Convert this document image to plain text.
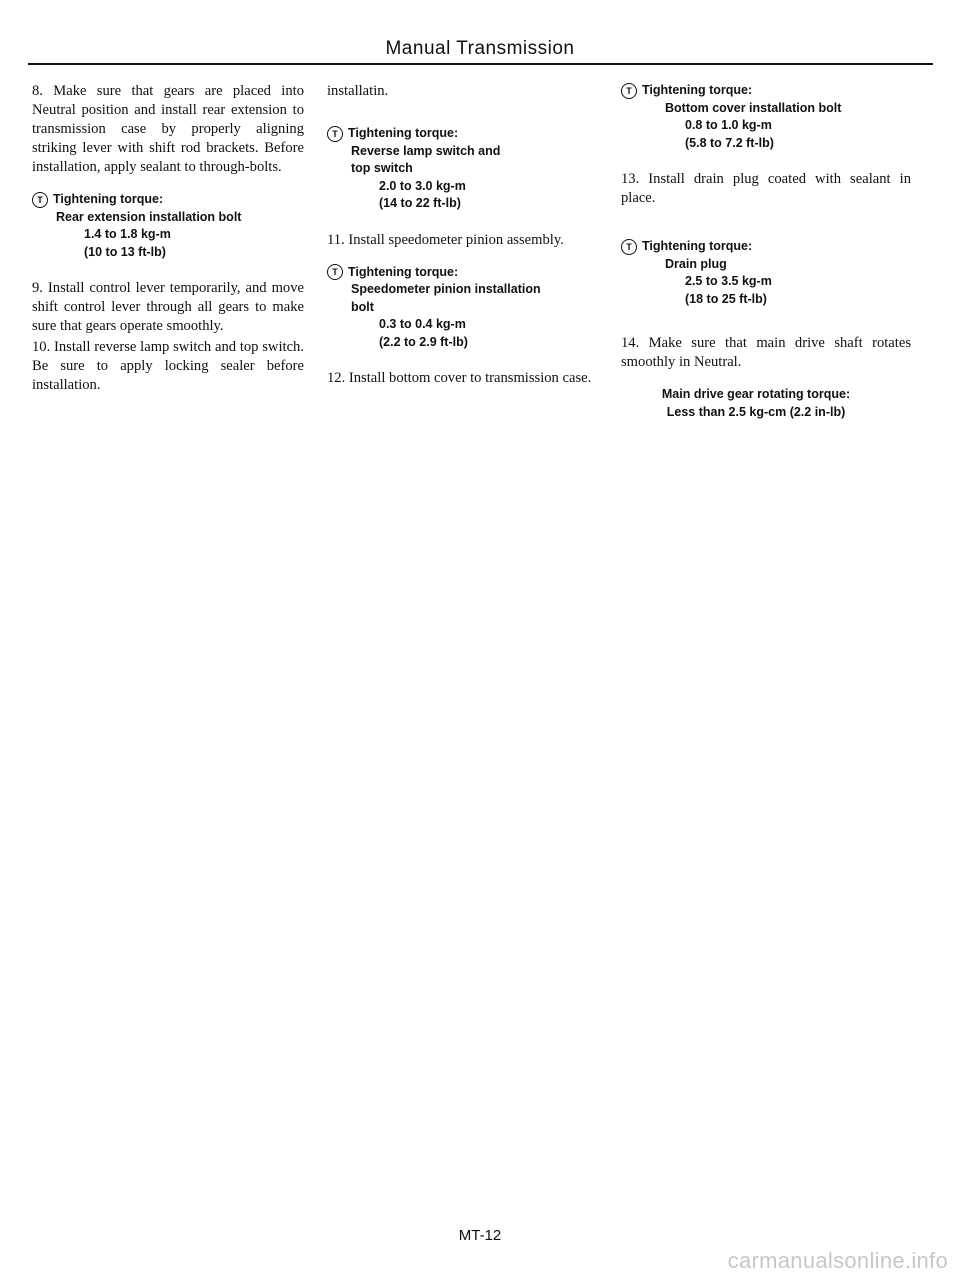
Manual Transmission

8. Make sure that gears are placed into Neutral position and install rear extension to transmission case by properly aligning striking lever with shift rod brackets. Before installation, apply sealant to through-bolts.

T Tightening torque:

Rear extension installation bolt

1.4 to 1.8 kg-m

(10 to 13 ft-lb)

9. Install control lever temporarily, and move shift control lever through all gears to make sure that gears operate smoothly.

10. Install reverse lamp switch and top switch. Be sure to apply locking sealer before installation.

installatin.

T Tightening torque:

Reverse lamp switch and

top switch

2.0 to 3.0 kg-m

(14 to 22 ft-lb)

11. Install speedometer pinion assembly.

T Tightening torque:

Speedometer pinion installation

bolt

0.3 to 0.4 kg-m

(2.2 to 2.9 ft-lb)

12. Install bottom cover to transmission case.

T Tightening torque:

Bottom cover installation bolt

0.8 to 1.0 kg-m

(5.8 to 7.2 ft-lb)

13. Install drain plug coated with sealant in place.

T Tightening torque:

Drain plug

2.5 to 3.5 kg-m

(18 to 25 ft-lb)

14. Make sure that main drive shaft rotates smoothly in Neutral.

Main drive gear rotating torque:

Less than 2.5 kg-cm (2.2 in-lb)

MT-12
carmanualsonline.info
